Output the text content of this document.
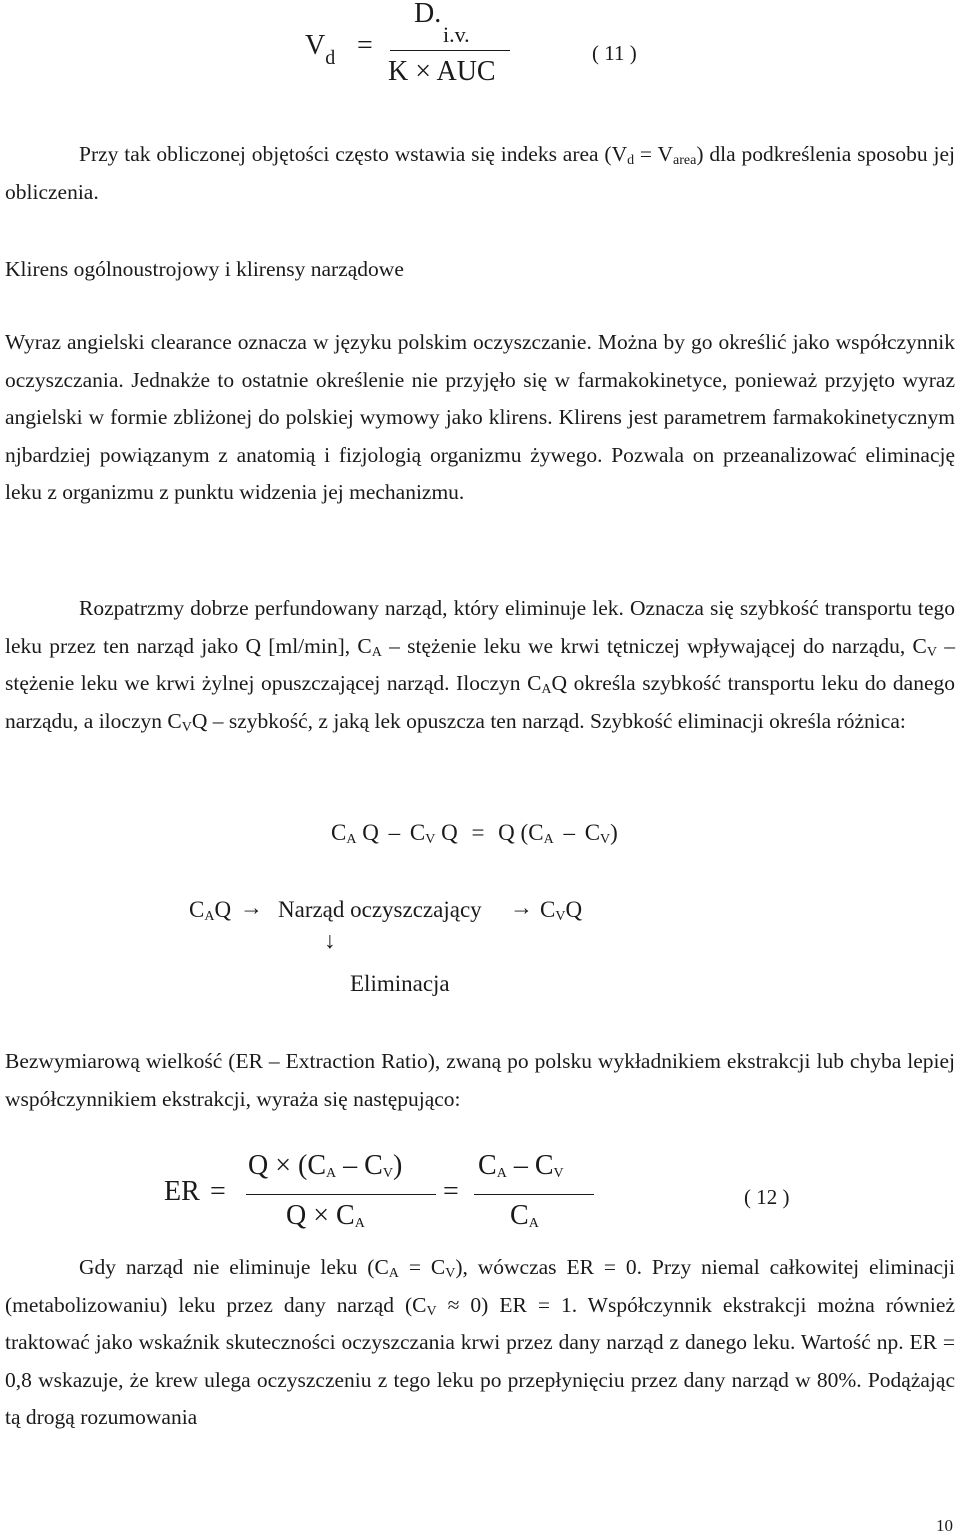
$V_d$ =
D.
i.v.
K × AUC
( 11 )

Przy tak obliczonej objętości często wstawia się indeks area $(V_d = V_{area})$ dla podkreślenia sposobu jej obliczenia.

Klirens ogólnoustrojowy i klirensy narządowe

Wyraz angielski clearance oznacza w języku polskim oczyszczanie. Można by go określić jako współczynnik oczyszczania. Jednakże to ostatnie określenie nie przyjęło się w farmakokinetyce, ponieważ przyjęto wyraz angielski w formie zbliżonej do polskiej wymowy jako klirens. Klirens jest parametrem farmakokinetycznym njbardziej powiązanym z anatomią i fizjologią organizmu żywego. Pozwala on przeanalizować eliminację leku z organizmu z punktu widzenia jej mechanizmu.

Rozpatrzmy dobrze perfundowany narząd, który eliminuje lek. Oznacza się szybkość transportu tego leku przez ten narząd jako Q [ml/min], $C_A$ – stężenie leku we krwi tętniczej wpływającej do narządu, $C_V$ – stężenie leku we krwi żylnej opuszczającej narząd. Iloczyn $C_AQ$ określa szybkość transportu leku do danego narządu, a iloczyn $C_VQ$ – szybkość, z jaką lek opuszcza ten narząd. Szybkość eliminacji określa różnica:

$C_A$ Q – $C_V$ Q = Q $(C_A - C_V)$
$C_AQ$ → Narząd oczyszczający → $C_VQ$
↓
Eliminacja

Bezwymiarową wielkość (ER – Extraction Ratio), zwaną po polsku wykładnikiem ekstrakcji lub chyba lepiej współczynnikiem ekstrakcji, wyraża się następująco:

ER =
$Q \times (C_A - C_V)$
$Q \times C_A$
=
$C_A - C_V$
$C_A$
( 12 )

Gdy narząd nie eliminuje leku $(C_A = C_V)$, wówczas ER = 0. Przy niemal całkowitej eliminacji (metabolizowaniu) leku przez dany narząd $(C_V \approx 0)$ ER = 1. Współczynnik ekstrakcji można również traktować jako wskaźnik skuteczności oczyszczania krwi przez dany narząd z danego leku. Wartość np. ER = 0,8 wskazuje, że krew ulega oczyszczeniu z tego leku po przepłynięciu przez dany narząd w 80%. Podążając tą drogą rozumowania

10
